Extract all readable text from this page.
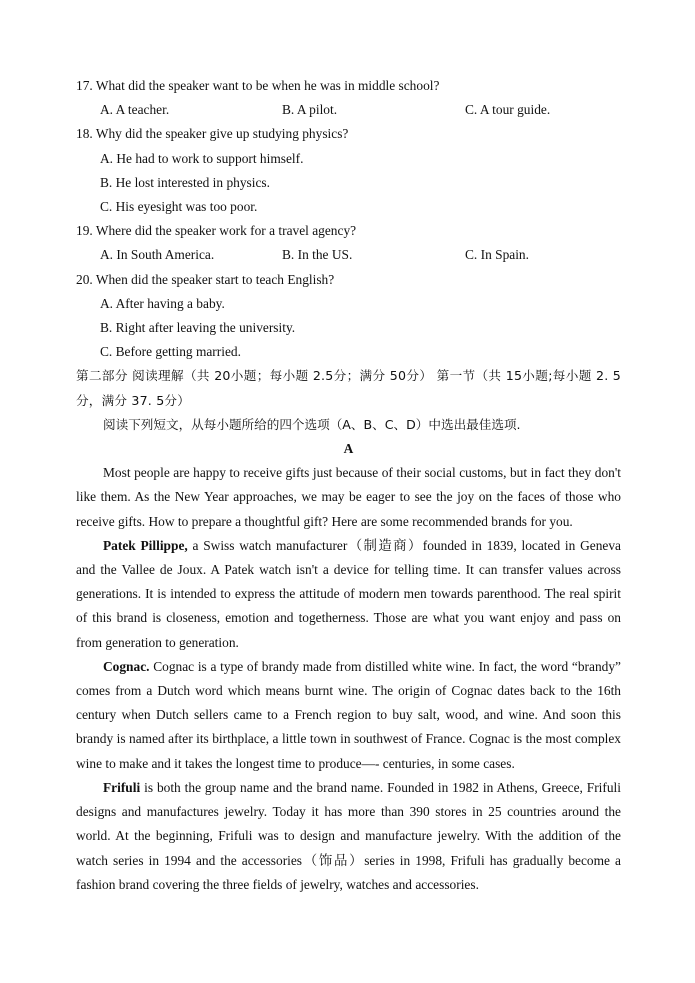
17. What did the speaker want to be when he was in middle school?
A. A teacher.	B. A pilot.	C. A tour guide.
18. Why did the speaker give up studying physics?
A. He had to work to support himself.
B. He lost interested in physics.
C. His eyesight was too poor.
19. Where did the speaker work for a travel agency?
A. In South America.	B. In the US.	C. In Spain.
20. When did the speaker start to teach English?
A. After having a baby.
B. Right after leaving the university.
C. Before getting married.
第二部分 阅读理解（共 20小题；每小题 2.5分；满分 50分） 第一节（共 15小题;每小题 2. 5分，满分 37. 5分）
阅读下列短文，从每小题所给的四个选项（A、B、C、D）中选出最佳选项.
A

Most people are happy to receive gifts just because of their social customs, but in fact they don't like them. As the New Year approaches, we may be eager to see the joy on the faces of those who receive gifts. How to prepare a thoughtful gift? Here are some recommended brands for you.

Patek Pillippe, a Swiss watch manufacturer（制造商）founded in 1839, located in Geneva and the Vallee de Joux. A Patek watch isn't a device for telling time. It can transfer values across generations. It is intended to express the attitude of modern men towards parenthood. The real spirit of this brand is closeness, emotion and togetherness. Those are what you want enjoy and pass on from generation to generation.

Cognac. Cognac is a type of brandy made from distilled white wine. In fact, the word “brandy” comes from a Dutch word which means burnt wine. The origin of Cognac dates back to the 16th century when Dutch sellers came to a French region to buy salt, wood, and wine. And soon this brandy is named after its birthplace, a little town in southwest of France. Cognac is the most complex wine to make and it takes the longest time to produce—- centuries, in some cases.

Frifuli is both the group name and the brand name. Founded in 1982 in Athens, Greece, Frifuli designs and manufactures jewelry. Today it has more than 390 stores in 25 countries around the world. At the beginning, Frifuli was to design and manufacture jewelry. With the addition of the watch series in 1994 and the accessories（饰品）series in 1998, Frifuli has gradually become a fashion brand covering the three fields of jewelry, watches and accessories.
